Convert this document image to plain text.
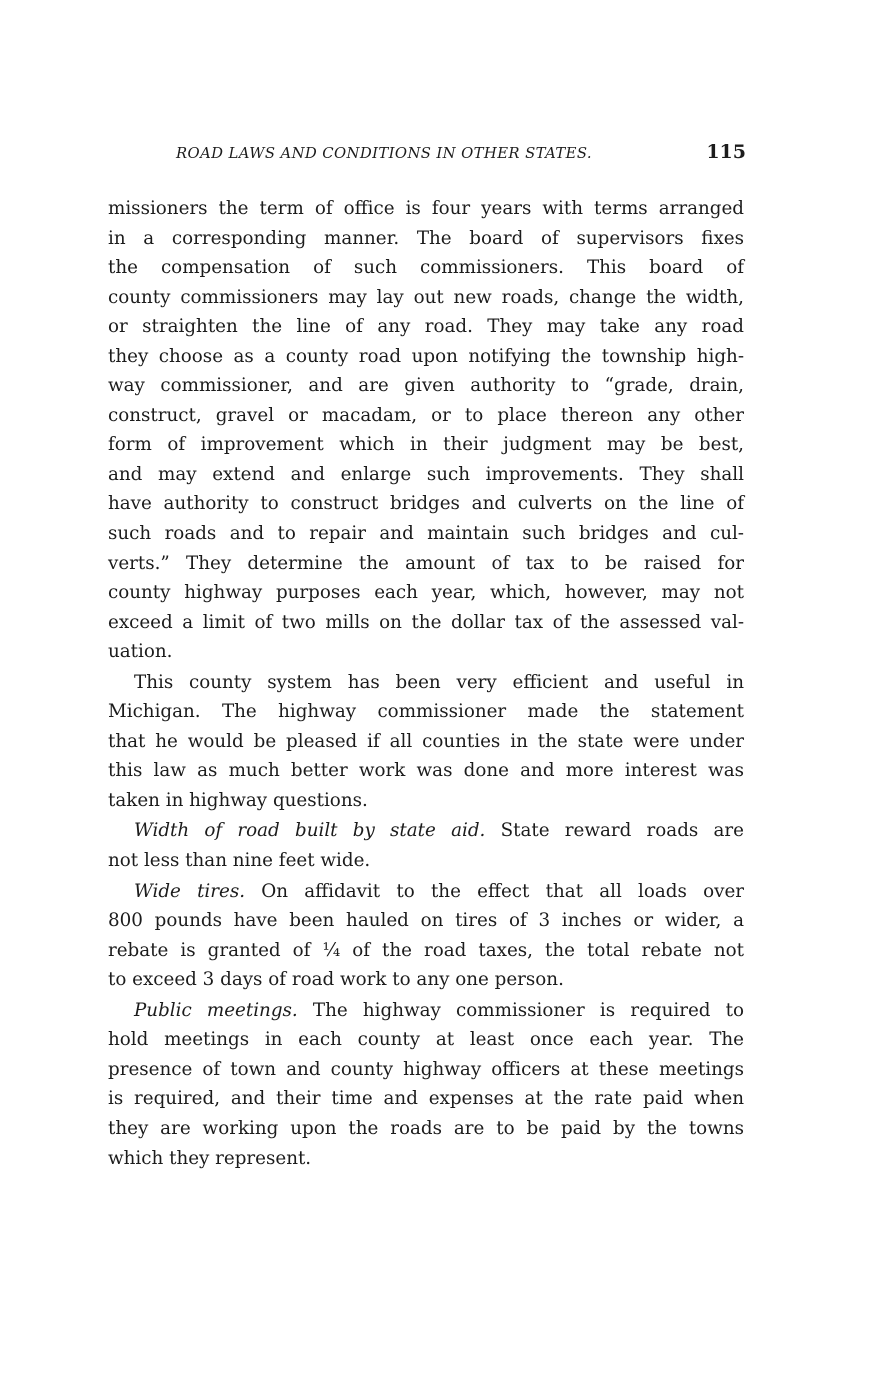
ROAD LAWS AND CONDITIONS IN OTHER STATES.	115
missioners the term of office is four years with terms arranged
in a corresponding manner. The board of supervisors fixes
the compensation of such commissioners. This board of
county commissioners may lay out new roads, change the width,
or straighten the line of any road. They may take any road
they choose as a county road upon notifying the township high-
way commissioner, and are given authority to “grade, drain,
construct, gravel or macadam, or to place thereon any other
form of improvement which in their judgment may be best,
and may extend and enlarge such improvements. They shall
have authority to construct bridges and culverts on the line of
such roads and to repair and maintain such bridges and cul-
verts.” They determine the amount of tax to be raised for
county highway purposes each year, which, however, may not
exceed a limit of two mills on the dollar tax of the assessed val-
uation.
This county system has been very efficient and useful in
Michigan. The highway commissioner made the statement
that he would be pleased if all counties in the state were under
this law as much better work was done and more interest was
taken in highway questions.
Width of road built by state aid. State reward roads are
not less than nine feet wide.
Wide tires. On affidavit to the effect that all loads over
800 pounds have been hauled on tires of 3 inches or wider, a
rebate is granted of ¼ of the road taxes, the total rebate not
to exceed 3 days of road work to any one person.
Public meetings. The highway commissioner is required to
hold meetings in each county at least once each year. The
presence of town and county highway officers at these meetings
is required, and their time and expenses at the rate paid when
they are working upon the roads are to be paid by the towns
which they represent.
